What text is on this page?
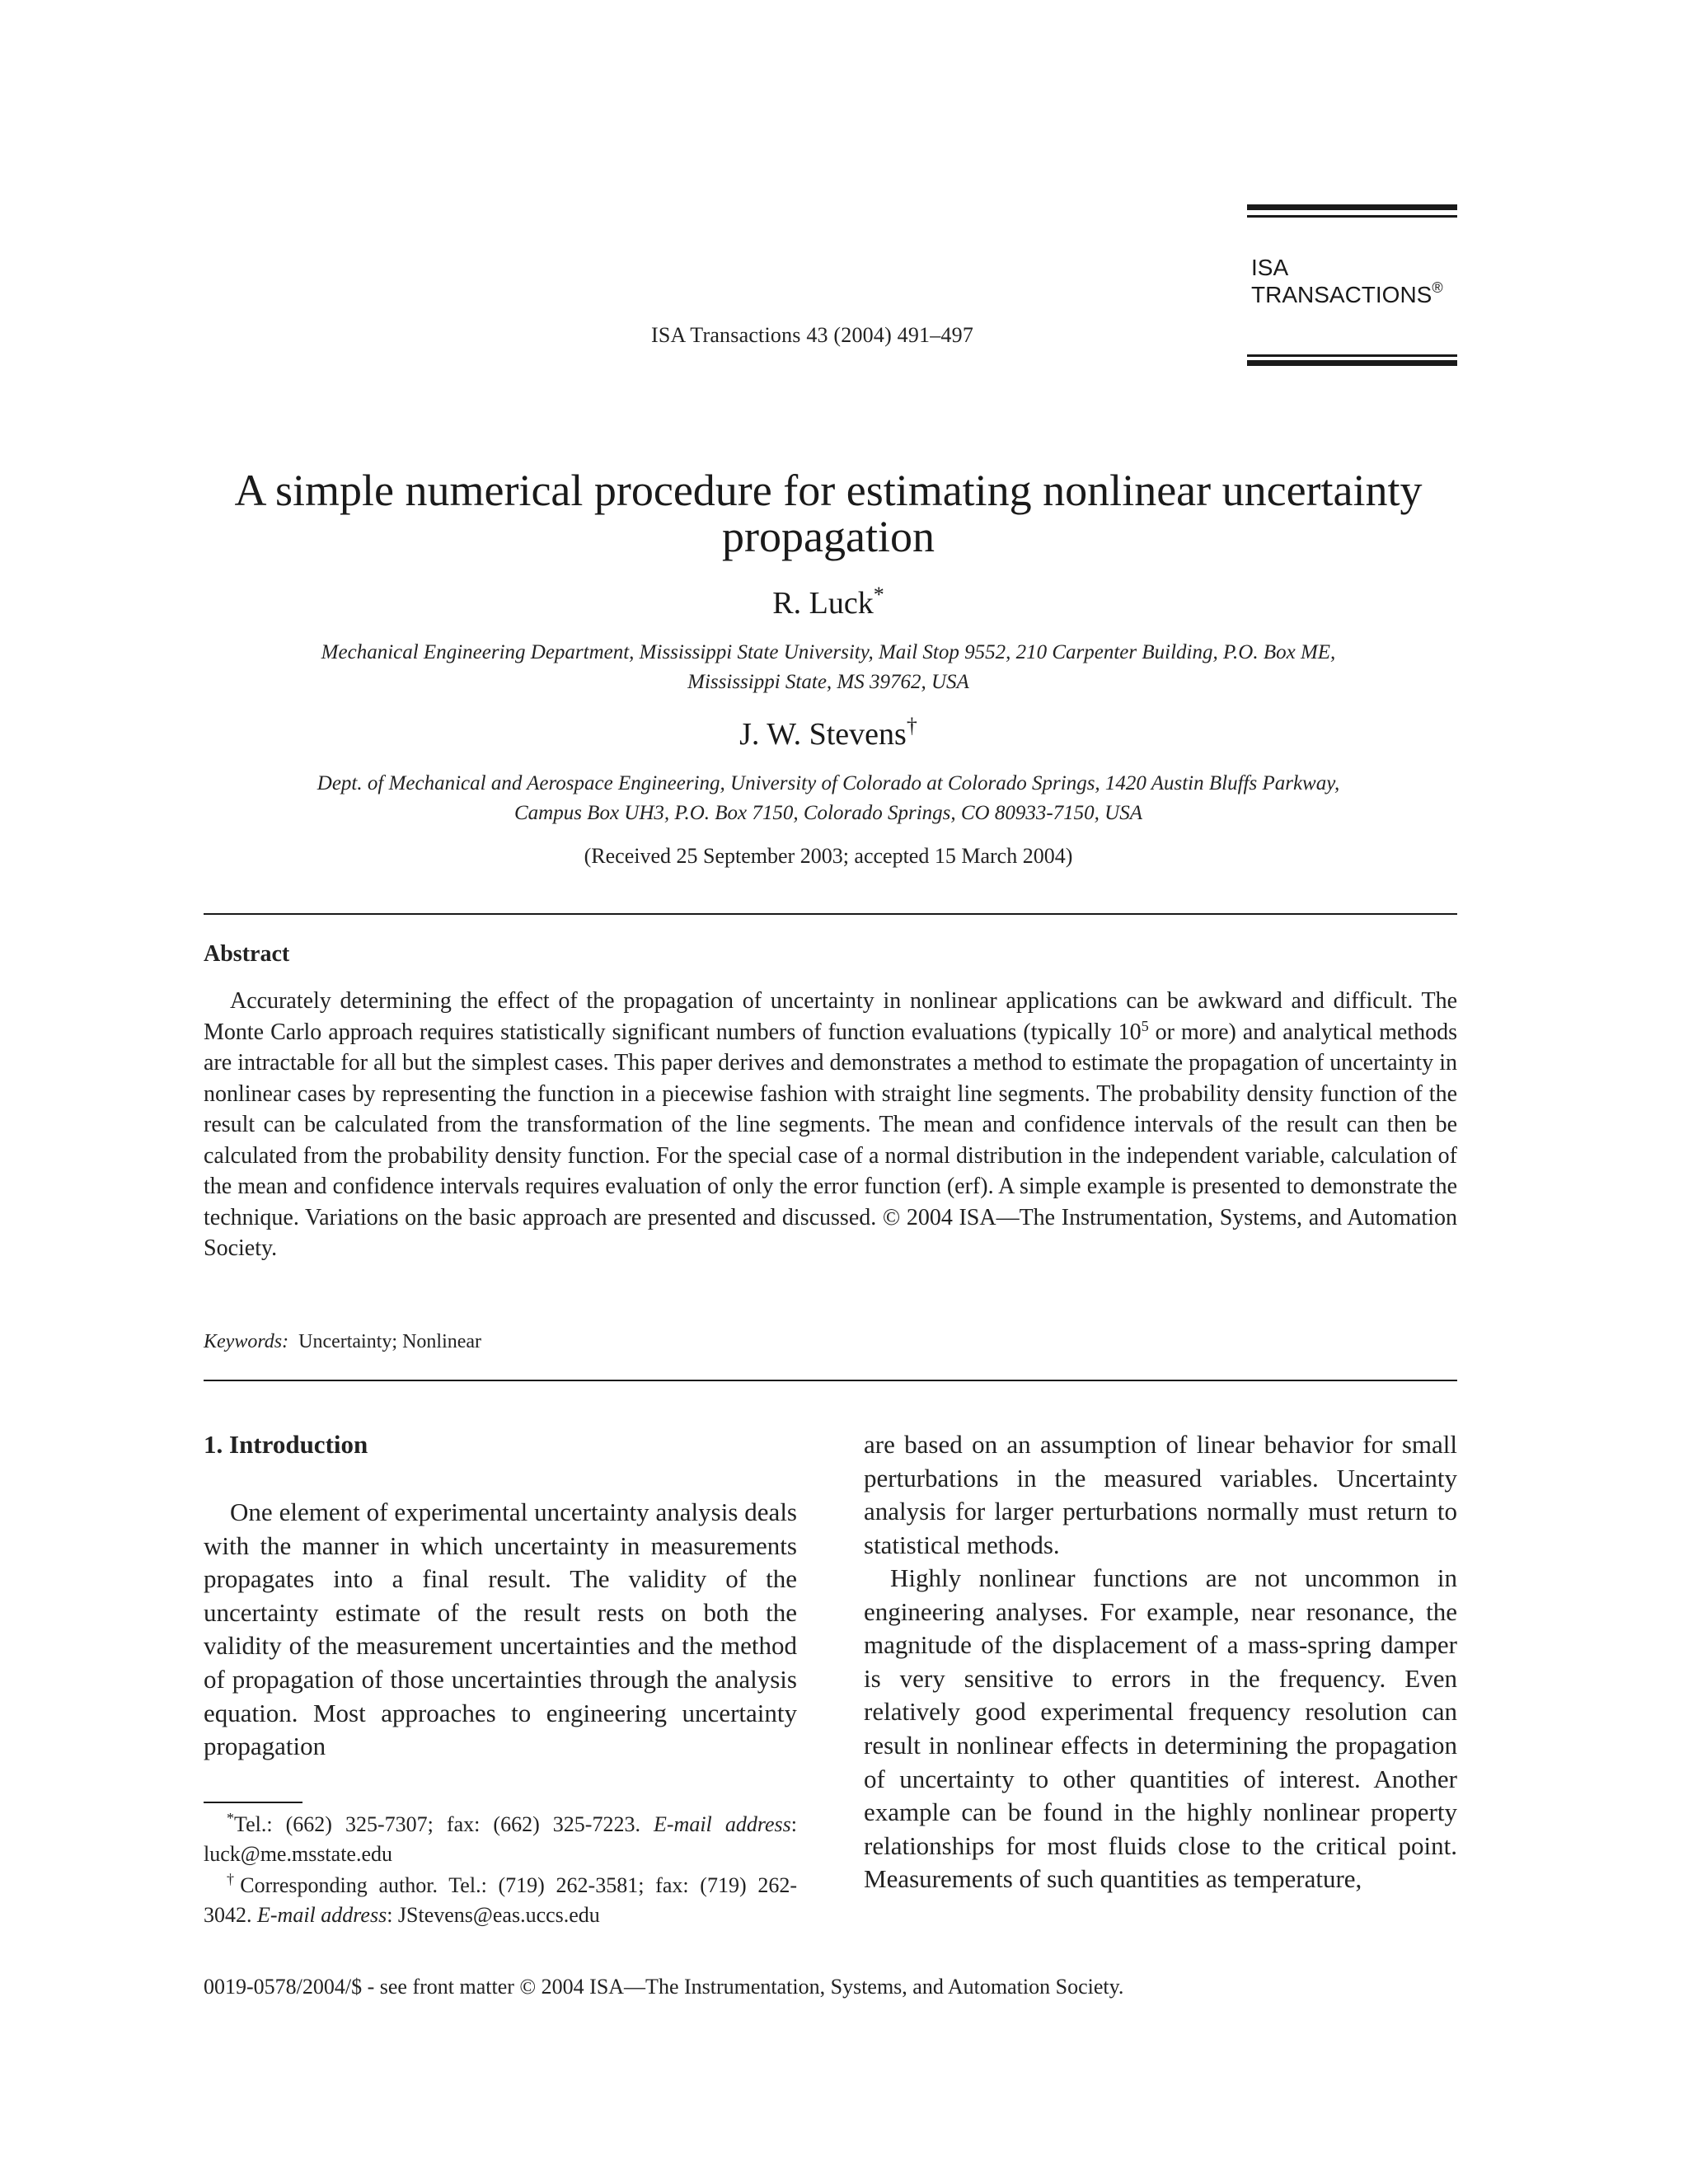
ISA
TRANSACTIONS®
ISA Transactions 43 (2004) 491–497
A simple numerical procedure for estimating nonlinear uncertainty
propagation
R. Luck*
Mechanical Engineering Department, Mississippi State University, Mail Stop 9552, 210 Carpenter Building, P.O. Box ME,
Mississippi State, MS 39762, USA
J. W. Stevens†
Dept. of Mechanical and Aerospace Engineering, University of Colorado at Colorado Springs, 1420 Austin Bluffs Parkway,
Campus Box UH3, P.O. Box 7150, Colorado Springs, CO 80933-7150, USA
(Received 25 September 2003; accepted 15 March 2004)
Abstract

Accurately determining the effect of the propagation of uncertainty in nonlinear applications can be awkward and difficult. The Monte Carlo approach requires statistically significant numbers of function evaluations (typically $10^5$ or more) and analytical methods are intractable for all but the simplest cases. This paper derives and demonstrates a method to estimate the propagation of uncertainty in nonlinear cases by representing the function in a piecewise fashion with straight line segments. The probability density function of the result can be calculated from the transformation of the line segments. The mean and confidence intervals of the result can then be calculated from the probability density function. For the special case of a normal distribution in the independent variable, calculation of the mean and confidence intervals requires evaluation of only the error function (erf). A simple example is presented to demonstrate the technique. Variations on the basic approach are presented and discussed. © 2004 ISA—The Instrumentation, Systems, and Automation Society.

Keywords: Uncertainty; Nonlinear
1. Introduction

One element of experimental uncertainty analysis deals with the manner in which uncertainty in measurements propagates into a final result. The validity of the uncertainty estimate of the result rests on both the validity of the measurement uncertainties and the method of propagation of those uncertainties through the analysis equation. Most approaches to engineering uncertainty propagation

are based on an assumption of linear behavior for small perturbations in the measured variables. Uncertainty analysis for larger perturbations normally must return to statistical methods.

Highly nonlinear functions are not uncommon in engineering analyses. For example, near resonance, the magnitude of the displacement of a mass-spring damper is very sensitive to errors in the frequency. Even relatively good experimental frequency resolution can result in nonlinear effects in determining the propagation of uncertainty to other quantities of interest. Another example can be found in the highly nonlinear property relationships for most fluids close to the critical point. Measurements of such quantities as temperature,

*Tel.: (662) 325-7307; fax: (662) 325-7223. E-mail address: luck@me.msstate.edu

†Corresponding author. Tel.: (719) 262-3581; fax: (719) 262-3042. E-mail address: JStevens@eas.uccs.edu

0019-0578/2004/$ - see front matter © 2004 ISA—The Instrumentation, Systems, and Automation Society.
